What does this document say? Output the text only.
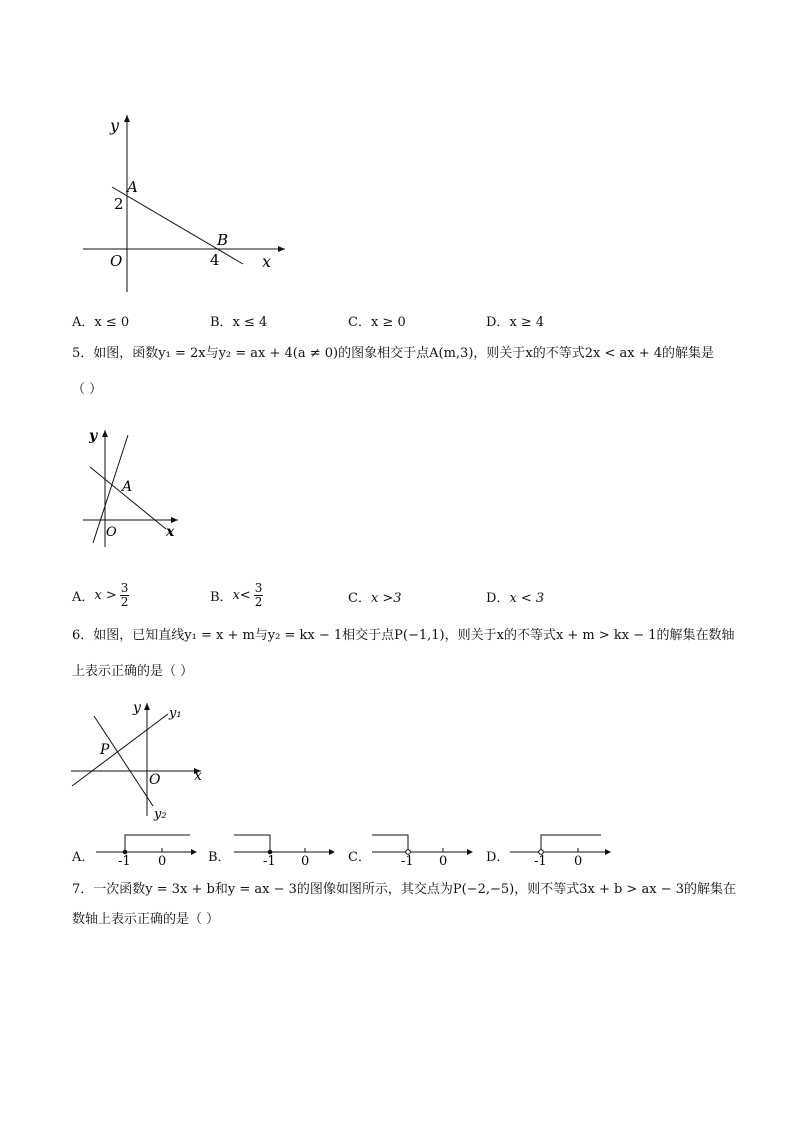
y
A
2
B
O	4	x
A．x ≤ 0	B．x ≤ 4	C．x ≥ 0	D．x ≥ 4
5．如图，函数y₁ = 2x与y₂ = ax + 4(a ≠ 0)的图象相交于点A(m,3)，则关于x的不等式2x < ax + 4的解集是
（ ）
y
A
O	x
A． x > 3
2	B． x< 3
2	C．x >3	D．x < 3
6．如图，已知直线y₁ = x + m与y₂ = kx − 1相交于点P(−1,1)，则关于x的不等式x + m > kx − 1的解集在数轴
上表示正确的是（ ）
y y₁
P
O x
y₂
A． -1 0	B． -1 0	C． -1 0	D． -1 0
7．一次函数y = 3x + b和y = ax − 3的图像如图所示，其交点为P(−2,−5)，则不等式3x + b > ax − 3的解集在
数轴上表示正确的是（ ）
